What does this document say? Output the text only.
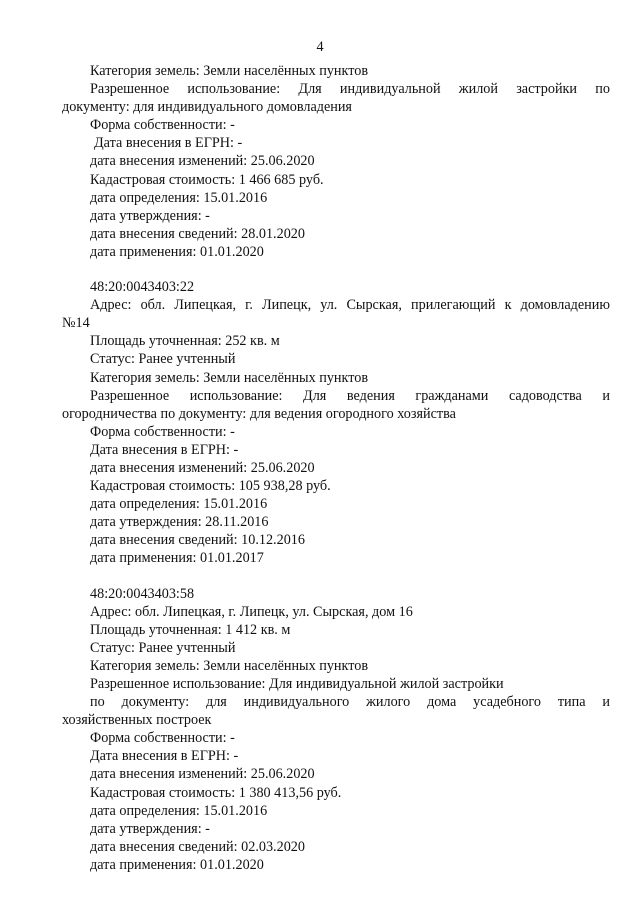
4
Категория земель: Земли населённых пунктов
Разрешенное использование: Для индивидуальной жилой застройки по
документу: для индивидуального домовладения
Форма собственности: -
Дата внесения в ЕГРН: -
дата внесения изменений: 25.06.2020
Кадастровая стоимость: 1 466 685 руб.
дата определения: 15.01.2016
дата утверждения: -
дата внесения сведений: 28.01.2020
дата применения: 01.01.2020
48:20:0043403:22
Адрес: обл. Липецкая, г. Липецк, ул. Сырская, прилегающий к домовладению
№14
Площадь уточненная: 252 кв. м
Статус: Ранее учтенный
Категория земель: Земли населённых пунктов
Разрешенное использование: Для ведения гражданами садоводства и
огородничества по документу: для ведения огородного хозяйства
Форма собственности: -
Дата внесения в ЕГРН: -
дата внесения изменений: 25.06.2020
Кадастровая стоимость: 105 938,28 руб.
дата определения: 15.01.2016
дата утверждения: 28.11.2016
дата внесения сведений: 10.12.2016
дата применения: 01.01.2017
48:20:0043403:58
Адрес: обл. Липецкая, г. Липецк, ул. Сырская, дом 16
Площадь уточненная: 1 412 кв. м
Статус: Ранее учтенный
Категория земель: Земли населённых пунктов
Разрешенное использование: Для индивидуальной жилой застройки
по документу: для индивидуального жилого дома усадебного типа и
хозяйственных построек
Форма собственности: -
Дата внесения в ЕГРН: -
дата внесения изменений: 25.06.2020
Кадастровая стоимость: 1 380 413,56 руб.
дата определения: 15.01.2016
дата утверждения: -
дата внесения сведений: 02.03.2020
дата применения: 01.01.2020
